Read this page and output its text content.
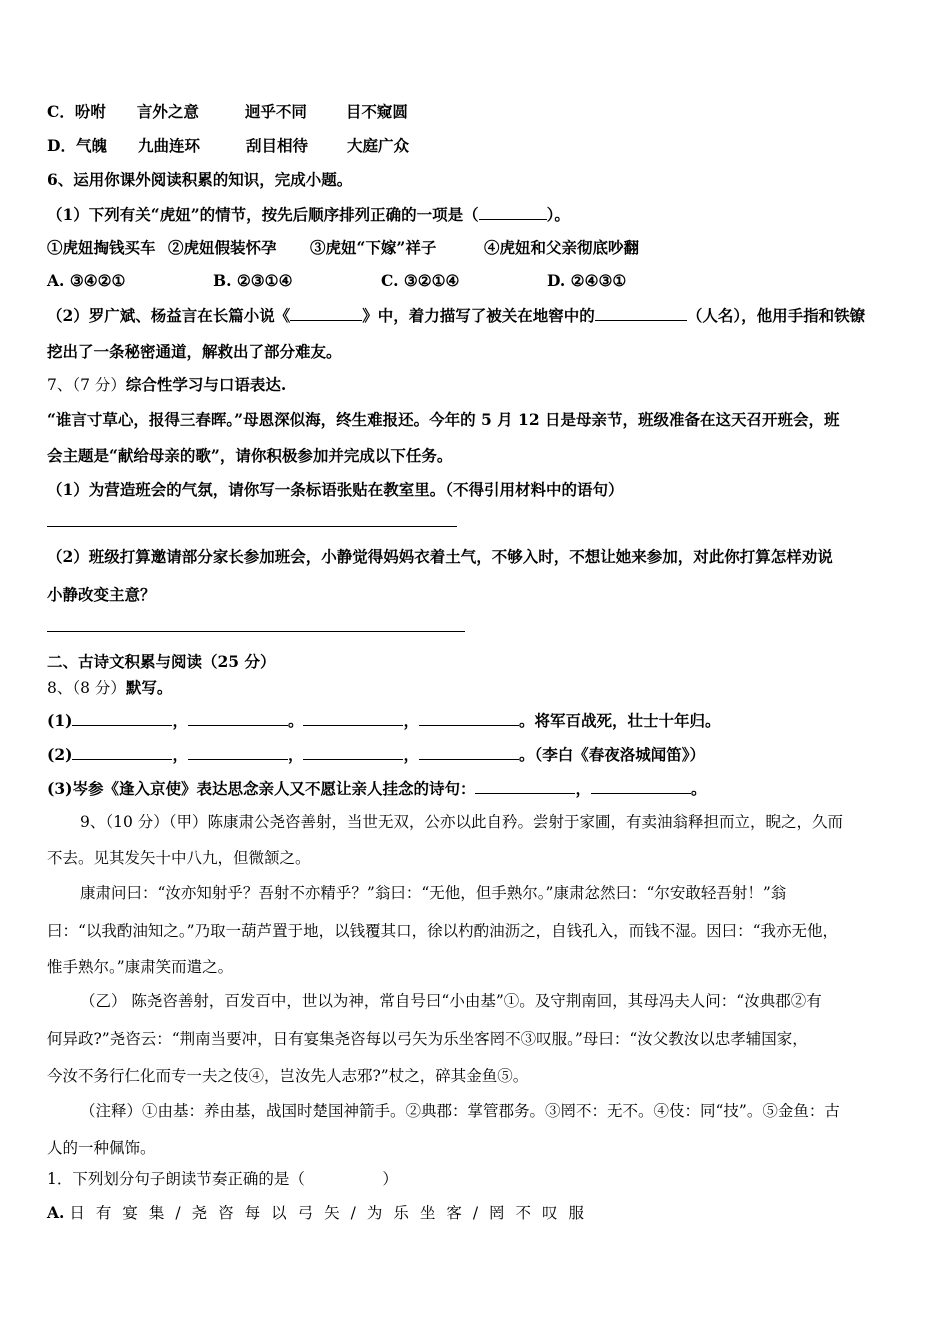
C．吩咐 言外之意	迥乎不同	目不窥圆
D．气魄 九曲连环	刮目相待	大庭广众
6、运用你课外阅读积累的知识，完成小题。
（1）下列有关“虎妞”的情节，按先后顺序排列正确的一项是（	）。
①虎妞掏钱买车 ②虎妞假装怀孕 ③虎妞“下嫁”祥子	④虎妞和父亲彻底吵翻
A. ③④②①	B. ②③①④	C. ③②①④	D. ②④③①
（2）罗广斌、杨益言在长篇小说《	》中，着力描写了被关在地窖中的	（人名），他用手指和铁镣
挖出了一条秘密通道，解救出了部分难友。
7、（7 分）综合性学习与口语表达.
“谁言寸草心，报得三春晖。”母恩深似海，终生难报还。今年的 5 月 12 日是母亲节，班级准备在这天召开班会，班
会主题是“献给母亲的歌”，请你积极参加并完成以下任务。
（1）为营造班会的气氛，请你写一条标语张贴在教室里。（不得引用材料中的语句）
（2）班级打算邀请部分家长参加班会，小静觉得妈妈衣着土气，不够入时，不想让她来参加，对此你打算怎样劝说
小静改变主意？
二、古诗文积累与阅读（25 分）
8、（8 分）默写。
(1)	，	。	，	。将军百战死，壮士十年归。
(2)	，	，	，	。（李白《春夜洛城闻笛》）
(3)岑参《逢入京使》表达思念亲人又不愿让亲人挂念的诗句：	，	。
9、（10 分）（甲）陈康肃公尧咨善射，当世无双，公亦以此自矜。尝射于家圃，有卖油翁释担而立，睨之，久而
不去。见其发矢十中八九，但微颔之。
康肃问曰：“汝亦知射乎？吾射不亦精乎？”翁曰：“无他，但手熟尔。”康肃忿然曰：“尔安敢轻吾射！”翁
曰：“以我酌油知之。”乃取一葫芦置于地，以钱覆其口，徐以杓酌油沥之，自钱孔入，而钱不湿。因曰：“我亦无他，
惟手熟尔。”康肃笑而遣之。
（乙） 陈尧咨善射，百发百中，世以为神，常自号曰“小由基”①。及守荆南回，其母冯夫人问：“汝典郡②有
何异政?”尧咨云：“荆南当要冲，日有宴集尧咨每以弓矢为乐坐客罔不③叹服。”母曰：“汝父教汝以忠孝辅国家，
今汝不务行仁化而专一夫之伎④，岂汝先人志邪?”杖之，碎其金鱼⑤。
（注释）①由基：养由基，战国时楚国神箭手。②典郡：掌管郡务。③罔不：无不。④伎：同“技”。⑤金鱼：古
人的一种佩饰。
1．下列划分句子朗读节奏正确的是（　　　　　）
A. 日有宴集/尧咨每以弓矢/为乐坐客/罔不叹服
